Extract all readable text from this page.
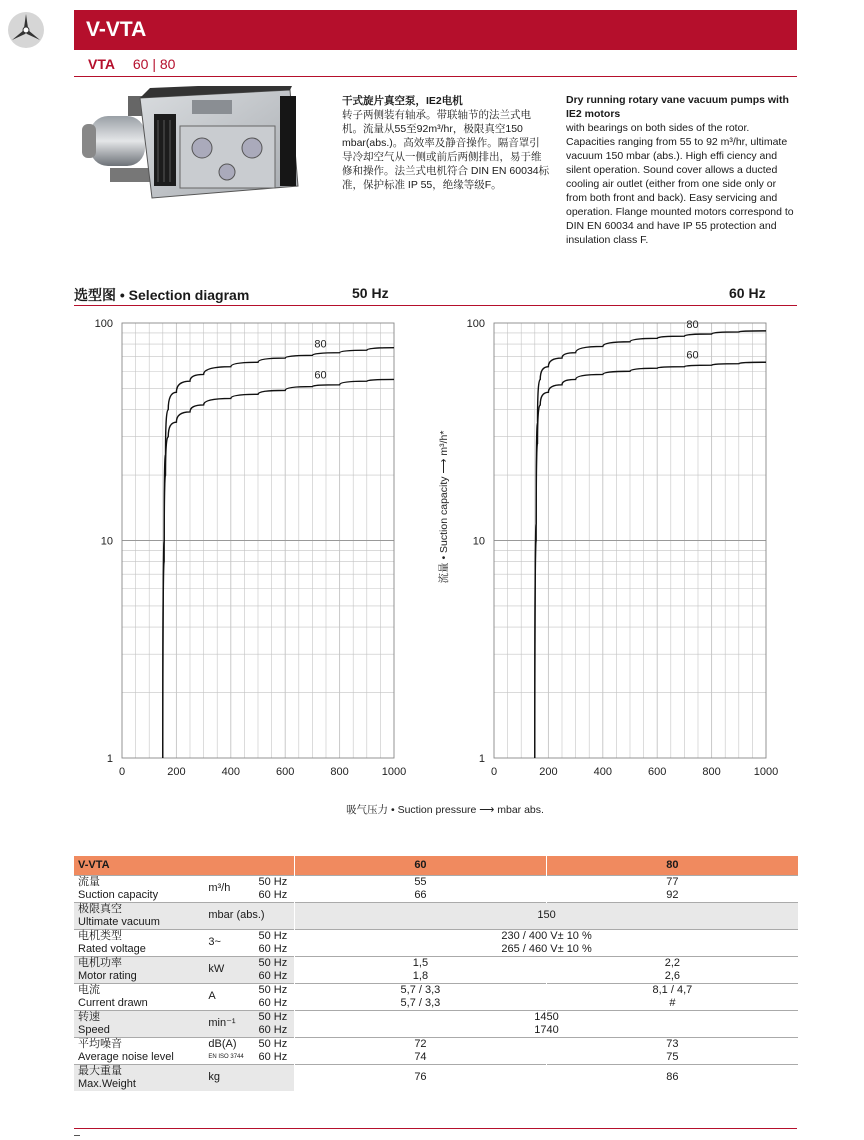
V-VTA
VTA 60 | 80
干式旋片真空泵，IE2电机
转子两侧装有轴承。带联轴节的法兰式电机。流量从55至92m³/hr，极限真空150 mbar(abs.)。高效率及静音操作。隔音罩引导冷却空气从一侧或前后两侧排出，易于维修和操作。法兰式电机符合 DIN EN 60034标准，保护标准 IP 55，绝缘等级F。
Dry running rotary vane vacuum pumps with IE2 motors
with bearings on both sides of the rotor. Capacities ranging from 55 to 92 m³/hr, ultimate vacuum 150 mbar (abs.). High effi ciency and silent operation. Sound cover allows a ducted cooling air outlet (either from one side only or from both front and back). Easy servicing and operation. Flange mounted motors correspond to DIN EN 60034 and have IP 55 protection and insulation class F.
选型图 • Selection diagram	50 Hz	60 Hz
0	200	400	600	800	1000
1
10
100
80
60
0	200	400	600	800	1000
1
10
100	80
60
流量 • Suction capacity ⟶ m³/h*
吸气压力 • Suction pressure ⟶ mbar abs.
V-VTA			60	80
流量	m³/h	50 Hz	55	77
Suction capacity		60 Hz	66	92
极限真空	mbar (abs.)		150	
Ultimate vacuum				
电机类型	3~	50 Hz	230 / 400 V± 10 %	
Rated voltage		60 Hz	265 / 460 V± 10 %	
电机功率	kW	50 Hz	1,5	2,2
Motor rating		60 Hz	1,8	2,6
电流	A	50 Hz	5,7 / 3,3	8,1 / 4,7
Current drawn		60 Hz	5,7 / 3,3	#
转速	min⁻¹	50 Hz	1450	
Speed		60 Hz	1740	
平均噪音	dB(A)	50 Hz	72	73
Average noise level	EN ISO 3744	60 Hz	74	75
最大重量	kg		76	86
Max.Weight				
